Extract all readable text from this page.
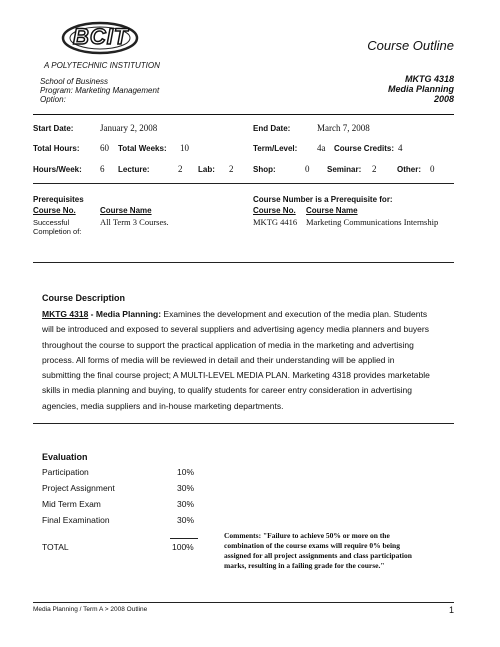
BCIT
A POLYTECHNIC INSTITUTION
School of Business
Program: Marketing Management
Option:
Course Outline
MKTG 4318
Media Planning
2008
Start Date:	January 2, 2008	End Date:	March 7, 2008
Total Hours: 60 Total Weeks: 10	Term/Level: 4a Course Credits: 4
Hours/Week: 6 Lecture:	2 Lab: 2 Shop:	0 Seminar: 2	Other: 0
Prerequisites
Course No.	Course Name
Successful Completion of:
All Term 3 Courses.
Course Number is a Prerequisite for:
Course No. Course Name
MKTG 4416 Marketing Communications Internship
Course Description
MKTG 4318 - Media Planning: Examines the development and execution of the media plan. Students
will be introduced and exposed to several suppliers and advertising agency media planners and buyers
throughout the course to support the practical application of media in the marketing and advertising
process. All forms of media will be reviewed in detail and their understanding will be applied in
submitting the final course project; A MULTI-LEVEL MEDIA PLAN. Marketing 4318 provides marketable
skills in media planning and buying, to qualify students for career entry consideration in advertising
agencies, media suppliers and in-house marketing departments.
Evaluation
Participation	10%
Project Assignment	30%
Mid Term Exam	30%
Final Examination	30%
TOTAL	100%
Comments: "Failure to achieve 50% or more on the
combination of the course exams will require 0% being
assigned for all project assignments and class participation
marks, resulting in a failing grade for the course."
Media Planning / Term A > 2008 Outline	1
